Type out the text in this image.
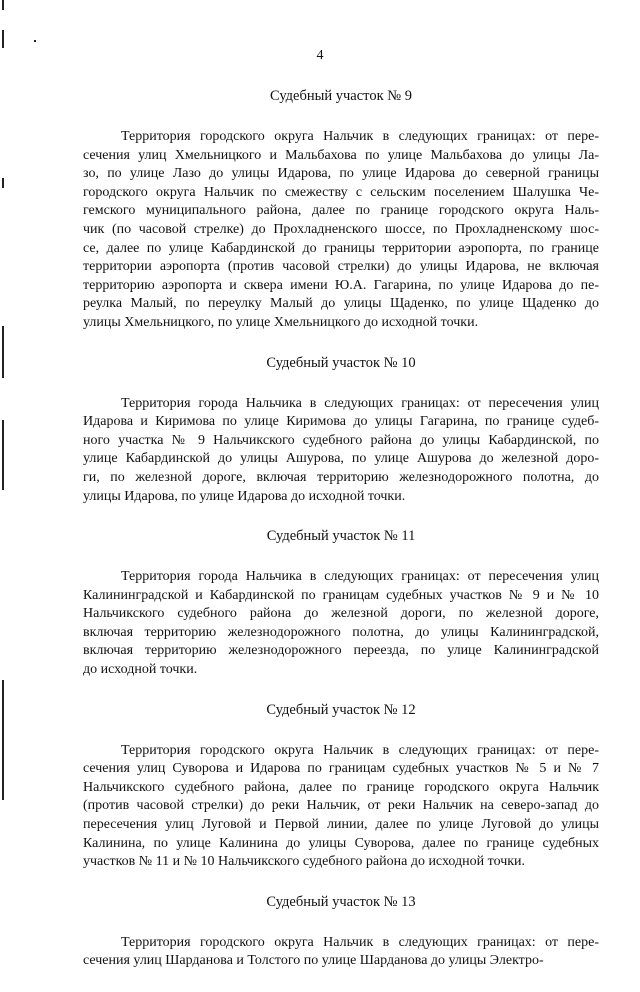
4
Судебный участок № 9
Территория городского округа Нальчик в следующих границах: от пере-
сечения улиц Хмельницкого и Мальбахова по улице Мальбахова до улицы Ла-
зо, по улице Лазо до улицы Идарова, по улице Идарова до северной границы
городского округа Нальчик по смежеству с сельским поселением Шалушка Че-
гемского муниципального района, далее по границе городского округа Наль-
чик (по часовой стрелке) до Прохладненского шоссе, по Прохладненскому шос-
се, далее по улице Кабардинской до границы территории аэропорта, по границе
территории аэропорта (против часовой стрелки) до улицы Идарова, не включая
территорию аэропорта и сквера имени Ю.А. Гагарина, по улице Идарова до пе-
реулка Малый, по переулку Малый до улицы Щаденко, по улице Щаденко до
улицы Хмельницкого, по улице Хмельницкого до исходной точки.
Судебный участок № 10
Территория города Нальчика в следующих границах: от пересечения улиц
Идарова и Киримова по улице Киримова до улицы Гагарина, по границе судеб-
ного участка № 9 Нальчикского судебного района до улицы Кабардинской, по
улице Кабардинской до улицы Ашурова, по улице Ашурова до железной доро-
ги, по железной дороге, включая территорию железнодорожного полотна, до
улицы Идарова, по улице Идарова до исходной точки.
Судебный участок № 11
Территория города Нальчика в следующих границах: от пересечения улиц
Калининградской и Кабардинской по границам судебных участков № 9 и № 10
Нальчикского судебного района до железной дороги, по железной дороге,
включая территорию железнодорожного полотна, до улицы Калининградской,
включая территорию железнодорожного переезда, по улице Калининградской
до исходной точки.
Судебный участок № 12
Территория городского округа Нальчик в следующих границах: от пере-
сечения улиц Суворова и Идарова по границам судебных участков № 5 и № 7
Нальчикского судебного района, далее по границе городского округа Нальчик
(против часовой стрелки) до реки Нальчик, от реки Нальчик на северо-запад до
пересечения улиц Луговой и Первой линии, далее по улице Луговой до улицы
Калинина, по улице Калинина до улицы Суворова, далее по границе судебных
участков № 11 и № 10 Нальчикского судебного района до исходной точки.
Судебный участок № 13
Территория городского округа Нальчик в следующих границах: от пере-
сечения улиц Шарданова и Толстого по улице Шарданова до улицы Электро-
